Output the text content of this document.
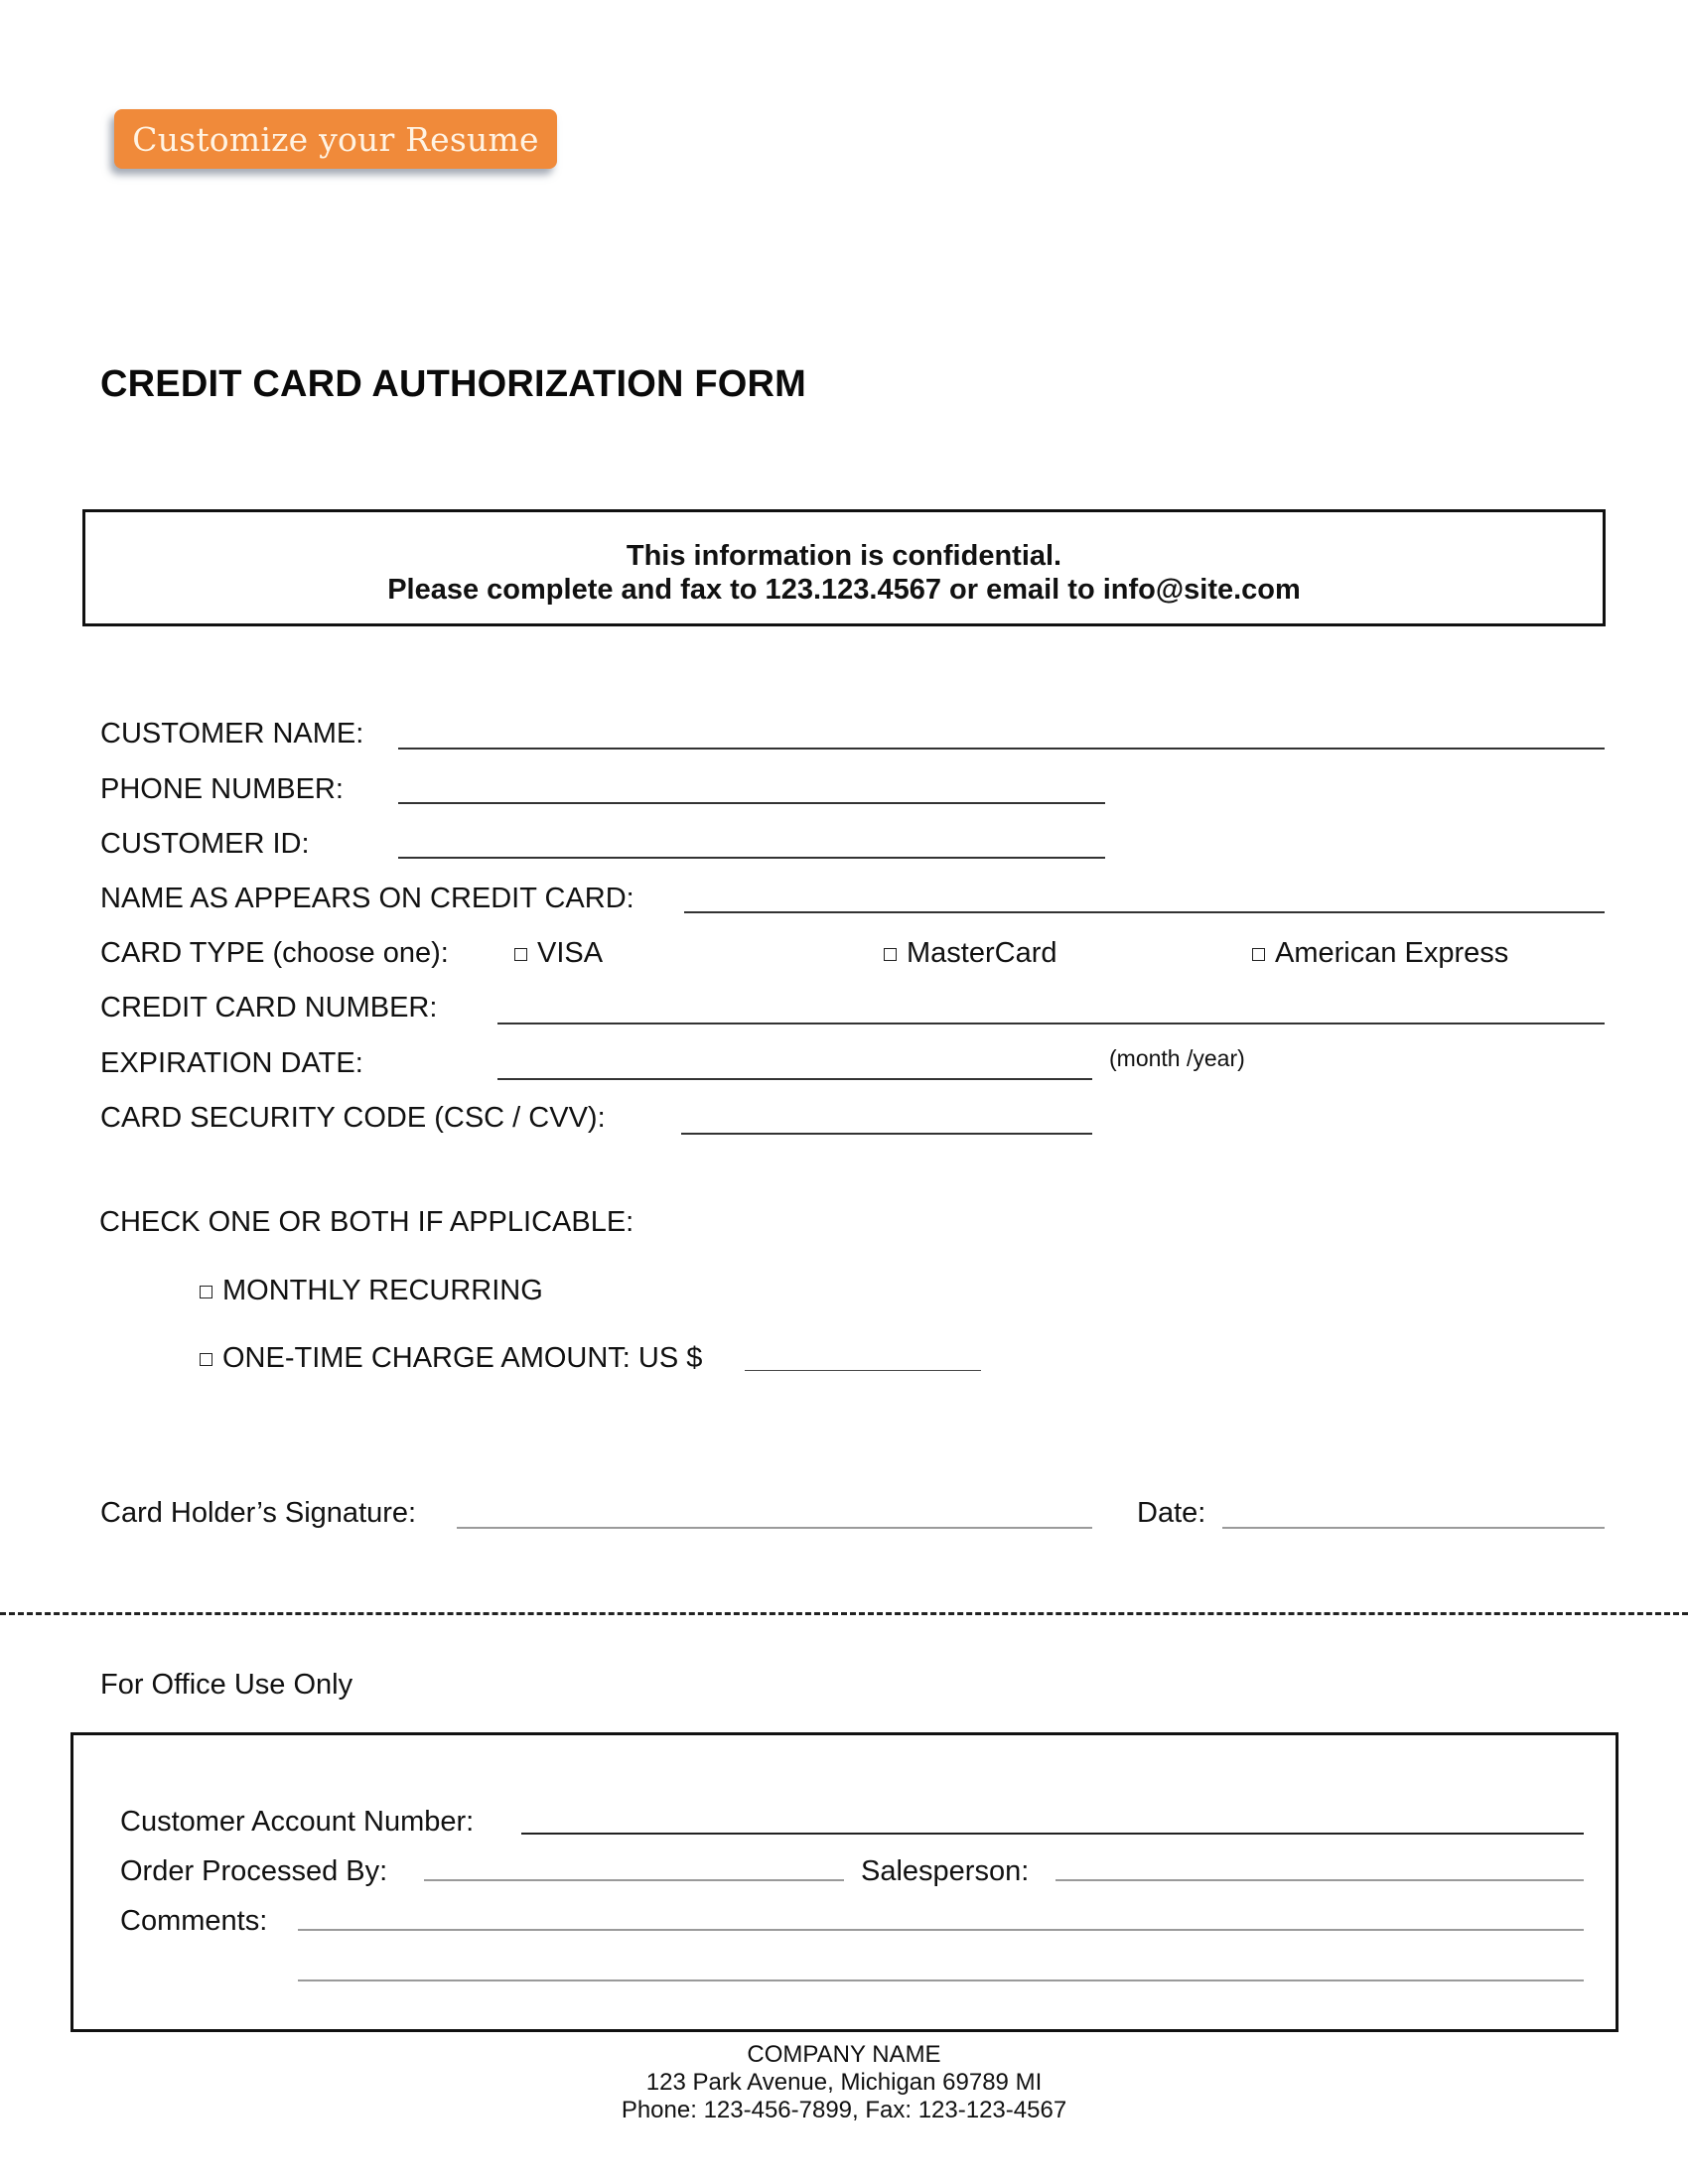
Customize your Resume
CREDIT CARD AUTHORIZATION FORM
This information is confidential.
Please complete and fax to 123.123.4567 or email to info@site.com
CUSTOMER NAME:
PHONE NUMBER:
CUSTOMER ID:
NAME AS APPEARS ON CREDIT CARD:
CARD TYPE (choose one):	VISA	MasterCard	American Express
CREDIT CARD NUMBER:
EXPIRATION DATE:	(month /year)
CARD SECURITY CODE (CSC / CVV):
CHECK ONE OR BOTH IF APPLICABLE:
MONTHLY RECURRING
ONE-TIME CHARGE AMOUNT: US $
Card Holder’s Signature:	Date:
For Office Use Only
Customer Account Number:
Order Processed By:	Salesperson:
Comments:
COMPANY NAME
123 Park Avenue, Michigan 69789 MI
Phone: 123-456-7899, Fax: 123-123-4567
